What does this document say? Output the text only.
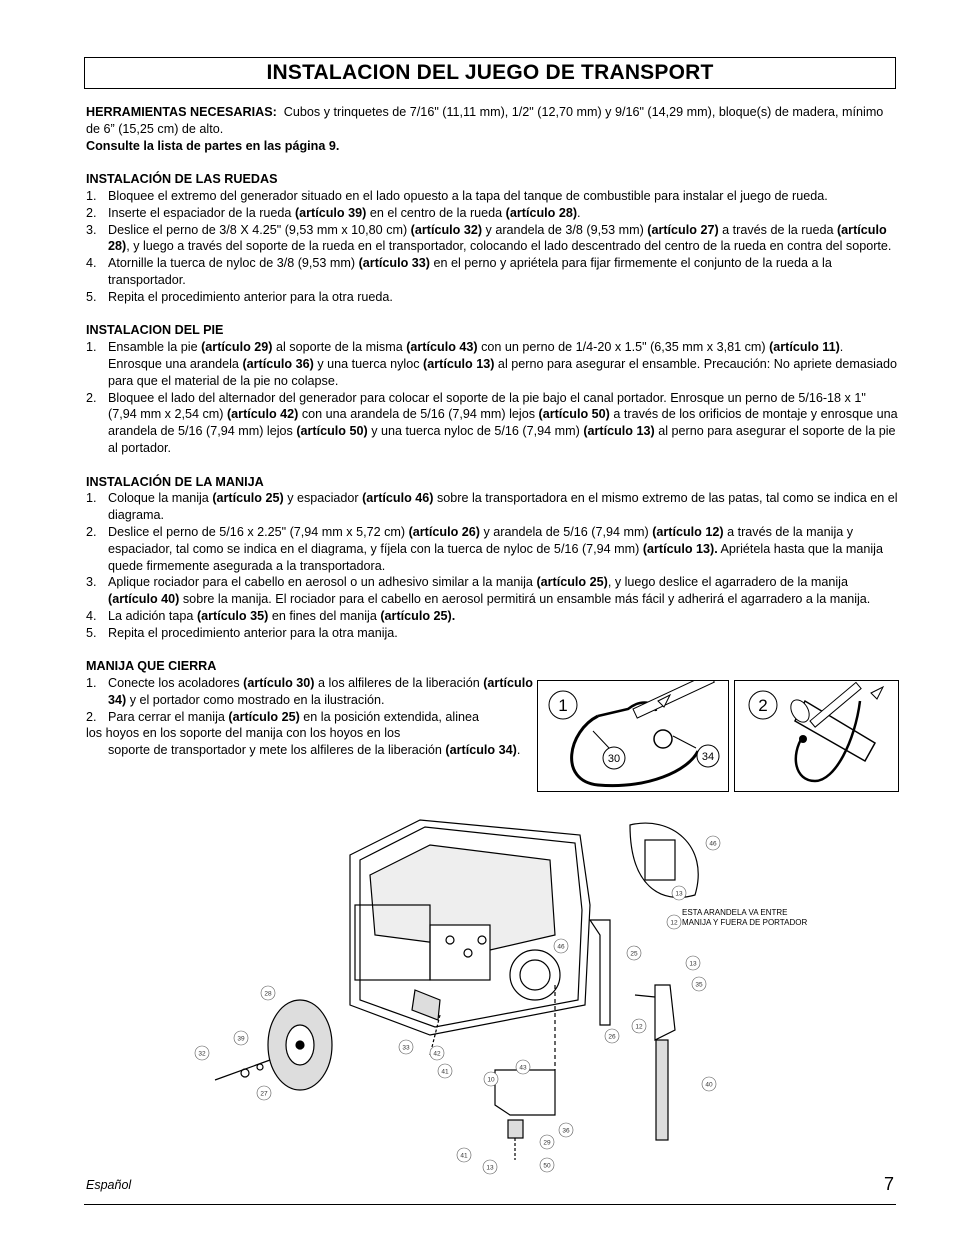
INSTALACION DEL JUEGO DE TRANSPORT

HERRAMIENTAS NECESARIAS: Cubos y trinquetes de 7/16" (11,11 mm), 1/2" (12,70 mm) y 9/16" (14,29 mm), bloque(s) de madera, mínimo de 6” (15,25 cm) de alto.

Consulte la lista de partes en las página 9.

INSTALACIÓN DE LAS RUEDAS

1. Bloquee el extremo del generador situado en el lado opuesto a la tapa del tanque de combustible para instalar el juego de rueda.
2. Inserte el espaciador de la rueda (artículo 39) en el centro de la rueda (artículo 28).
3. Deslice el perno de 3/8 X 4.25" (9,53 mm x 10,80 cm) (artículo 32) y arandela de 3/8 (9,53 mm) (artículo 27) a través de la rueda (artículo 28), y luego a través del soporte de la rueda en el transportador, colocando el lado descentrado del centro de la rueda en contra del soporte.
4. Atornille la tuerca de nyloc de 3/8 (9,53 mm) (artículo 33) en el perno y apriétela para fijar firmemente el conjunto de la rueda a la transportador.
5. Repita el procedimiento anterior para la otra rueda.

INSTALACION DEL PIE

1. Ensamble la pie (artículo 29) al soporte de la misma (artículo 43) con un perno de 1/4-20 x 1.5" (6,35 mm x 3,81 cm) (artículo 11). Enrosque una arandela (artículo 36) y una tuerca nyloc (artículo 13) al perno para asegurar el ensamble. Precaución: No apriete demasiado para que el material de la pie no colapse.
2. Bloquee el lado del alternador del generador para colocar el soporte de la pie bajo el canal portador. Enrosque un perno de 5/16-18 x 1" (7,94 mm x 2,54 cm) (artículo 42) con una arandela de 5/16 (7,94 mm) lejos (artículo 50) a través de los orificios de montaje y enrosque una arandela de 5/16 (7,94 mm) lejos (artículo 50) y una tuerca nyloc de 5/16 (7,94 mm) (artículo 13) al perno para asegurar el soporte de la pie al portador.

INSTALACIÓN DE LA MANIJA

1. Coloque la manija (artículo 25) y espaciador (artículo 46) sobre la transportadora en el mismo extremo de las patas, tal como se indica en el diagrama.
2. Deslice el perno de 5/16 x 2.25" (7,94 mm x 5,72 cm) (artículo 26) y arandela de 5/16 (7,94 mm) (artículo 12) a través de la manija y espaciador, tal como se indica en el diagrama, y fíjela con la tuerca de nyloc de 5/16 (7,94 mm) (artículo 13). Apriétela hasta que la manija quede firmemente asegurada a la transportadora.
3. Aplique rociador para el cabello en aerosol o un adhesivo similar a la manija (artículo 25), y luego deslice el agarradero de la manija (artículo 40) sobre la manija. El rociador para el cabello en aerosol permitirá un ensamble más fácil y adherirá el agarradero a la manija.
4. La adición tapa (artículo 35) en fines del manija (artículo 25).
5. Repita el procedimiento anterior para la otra manija.

MANIJA QUE CIERRA

1. Conecte los acoladores (artículo 30) a los alfileres de la liberación (artículo 34) y el portador como mostrado en la ilustración.
2. Para cerrar el manija (artículo 25) en la posición extendida, alinea
los hoyos en los soporte del manija con los hoyos en los
soporte de transportador y mete los alfileres de la liberación (artículo 34).
1
30	34
2
ESTA ARANDELA VA ENTRE
MANIJA Y FUERA DE PORTADOR
46
13
12
46
25
13
35
26
12
28
39
32
27
33
42
41
10
43
40
36
29
41
13	50
Español	7
